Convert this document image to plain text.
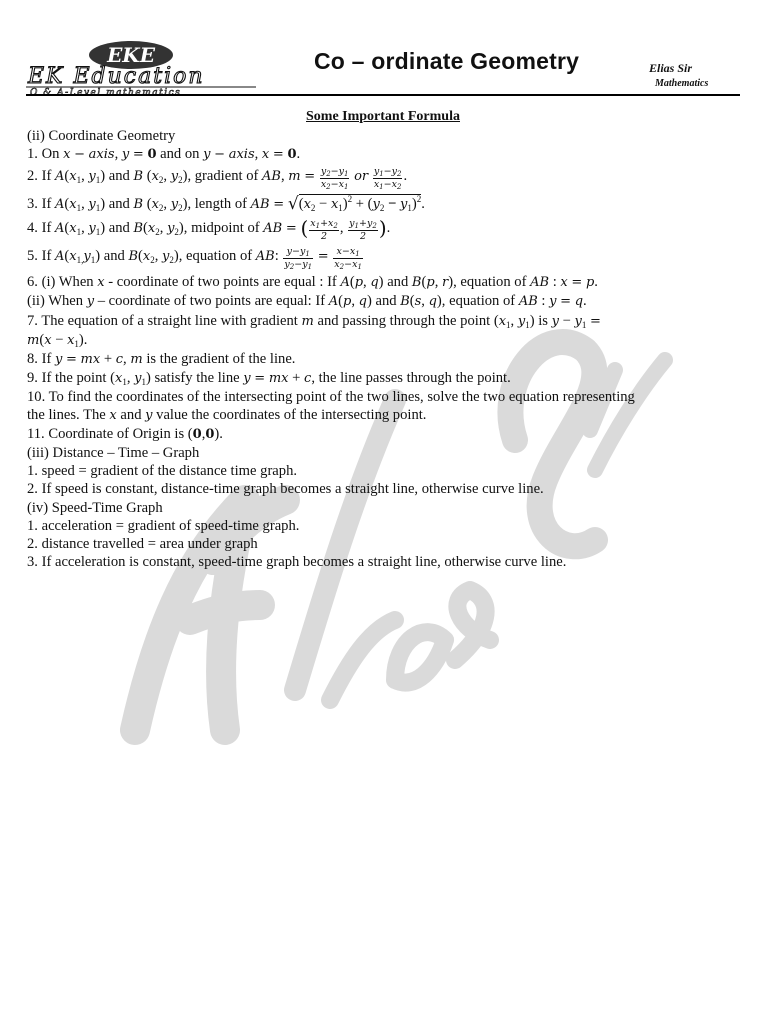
EKE
EK Education
O & A-Level mathematics
Co – ordinate Geometry	Elias Sir
Mathematics

Some Important Formula

(ii) Coordinate Geometry

1. On x − axis, y = 0 and on y − axis, x = 0.

2. If $A(x_1$, $y_1$) and B ($x_2$, $y_2$), gradient of AB, $m = \frac{y_2-y_1}{x_2-x_1}$ or $\frac{y_1-y_2}{x_1-x_2}$ .

3. If $A(x_1$, $y_1$) and B ($x_2$, $y_2$), length of AB = $√(x_2 - x_1)^2 + (y_2 - y_1)^2$.

4. If $A(x_1$, $y_1$) and $B(x_2$, $y_2$), midpoint of AB = ( $\frac{x_1+x_2}{2}$ , $\frac{y_1+y_2}{2}$ ).

5. If $A(x_{1,}y_1)$ and $B(x_2$, $y_2$), equation of AB: $\frac{y-y_1}{y_2-y_1} = \frac{x-x_1}{x_2-x_1}$

6. (i) When x - coordinate of two points are equal : If A(p, q) and B(p, r), equation of AB : x = p.

(ii) When y – coordinate of two points are equal: If A(p, q) and B(s, q), equation of AB : y = q.

7. The equation of a straight line with gradient m and passing through the point ($x_1$, $y_1$) is $y - y_1$ =

$m(x - x_1)$.

8. If y = mx + c, m is the gradient of the line.

9. If the point ($x_1$, $y_1$) satisfy the line y = mx + c, the line passes through the point.

10. To find the coordinates of the intersecting point of the two lines, solve the two equation representing

the lines. The x and y value the coordinates of the intersecting point.

11. Coordinate of Origin is (0,0).

(iii) Distance – Time – Graph

1. speed = gradient of the distance time graph.

2. If speed is constant, distance-time graph becomes a straight line, otherwise curve line.

(iv) Speed-Time Graph

1. acceleration = gradient of speed-time graph.

2. distance travelled = area under graph

3. If acceleration is constant, speed-time graph becomes a straight line, otherwise curve line.
